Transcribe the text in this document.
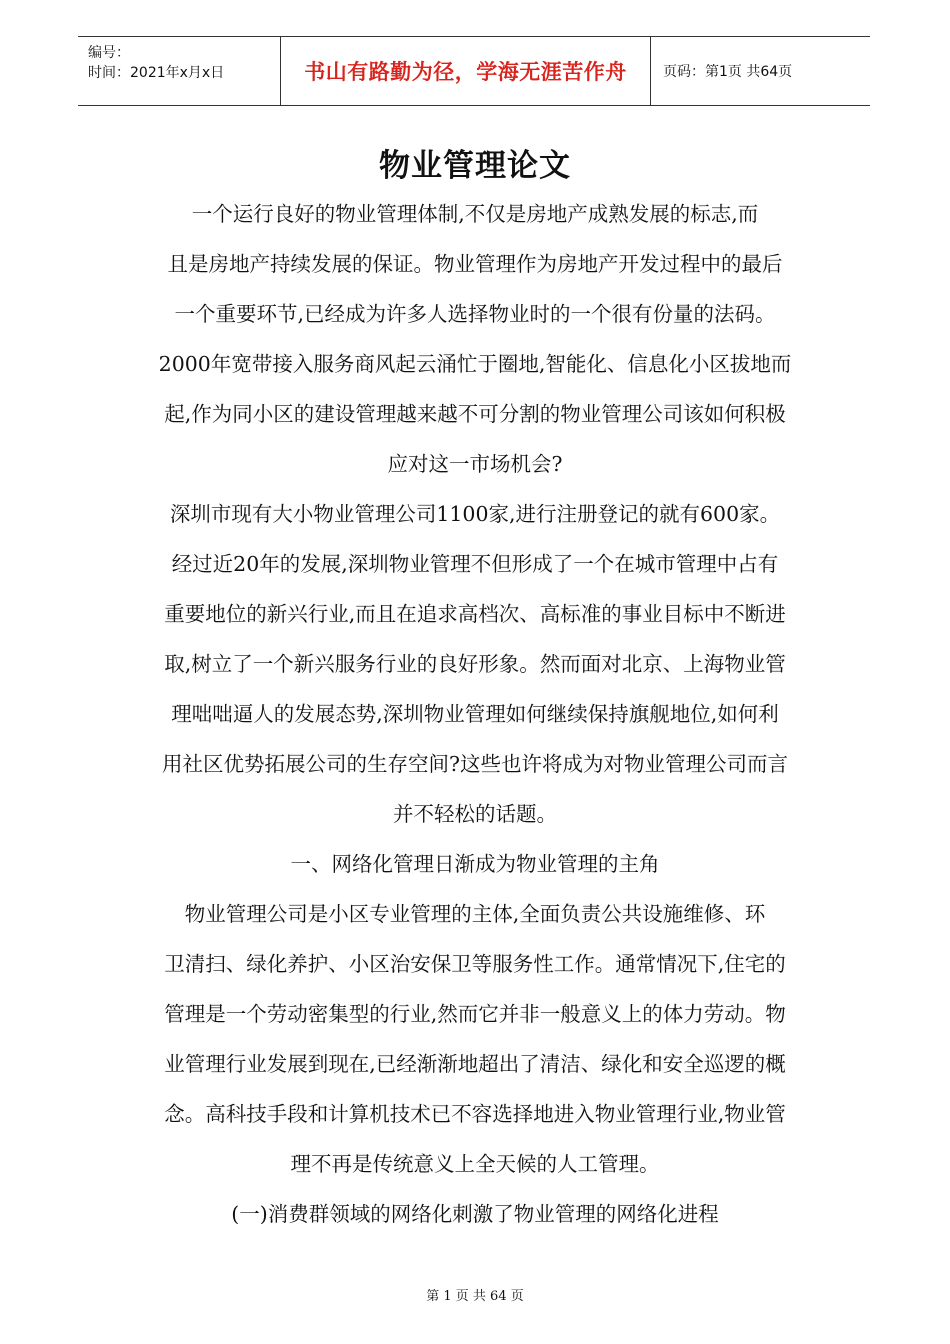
编号：
时间：2021年x月x日	书山有路勤为径，学海无涯苦作舟	页码：第1页 共64页
物业管理论文
一个运行良好的物业管理体制,不仅是房地产成熟发展的标志,而
且是房地产持续发展的保证。物业管理作为房地产开发过程中的最后
一个重要环节,已经成为许多人选择物业时的一个很有份量的法码。
2000年宽带接入服务商风起云涌忙于圈地,智能化、信息化小区拔地而
起,作为同小区的建设管理越来越不可分割的物业管理公司该如何积极
应对这一市场机会?
深圳市现有大小物业管理公司1100家,进行注册登记的就有600家。
经过近20年的发展,深圳物业管理不但形成了一个在城市管理中占有
重要地位的新兴行业,而且在追求高档次、高标准的事业目标中不断进
取,树立了一个新兴服务行业的良好形象。然而面对北京、上海物业管
理咄咄逼人的发展态势,深圳物业管理如何继续保持旗舰地位,如何利
用社区优势拓展公司的生存空间?这些也许将成为对物业管理公司而言
并不轻松的话题。
一、网络化管理日渐成为物业管理的主角
物业管理公司是小区专业管理的主体,全面负责公共设施维修、环
卫清扫、绿化养护、小区治安保卫等服务性工作。通常情况下,住宅的
管理是一个劳动密集型的行业,然而它并非一般意义上的体力劳动。物
业管理行业发展到现在,已经渐渐地超出了清洁、绿化和安全巡逻的概
念。高科技手段和计算机技术已不容选择地进入物业管理行业,物业管
理不再是传统意义上全天候的人工管理。
(一)消费群领域的网络化刺激了物业管理的网络化进程
第 1 页 共 64 页
